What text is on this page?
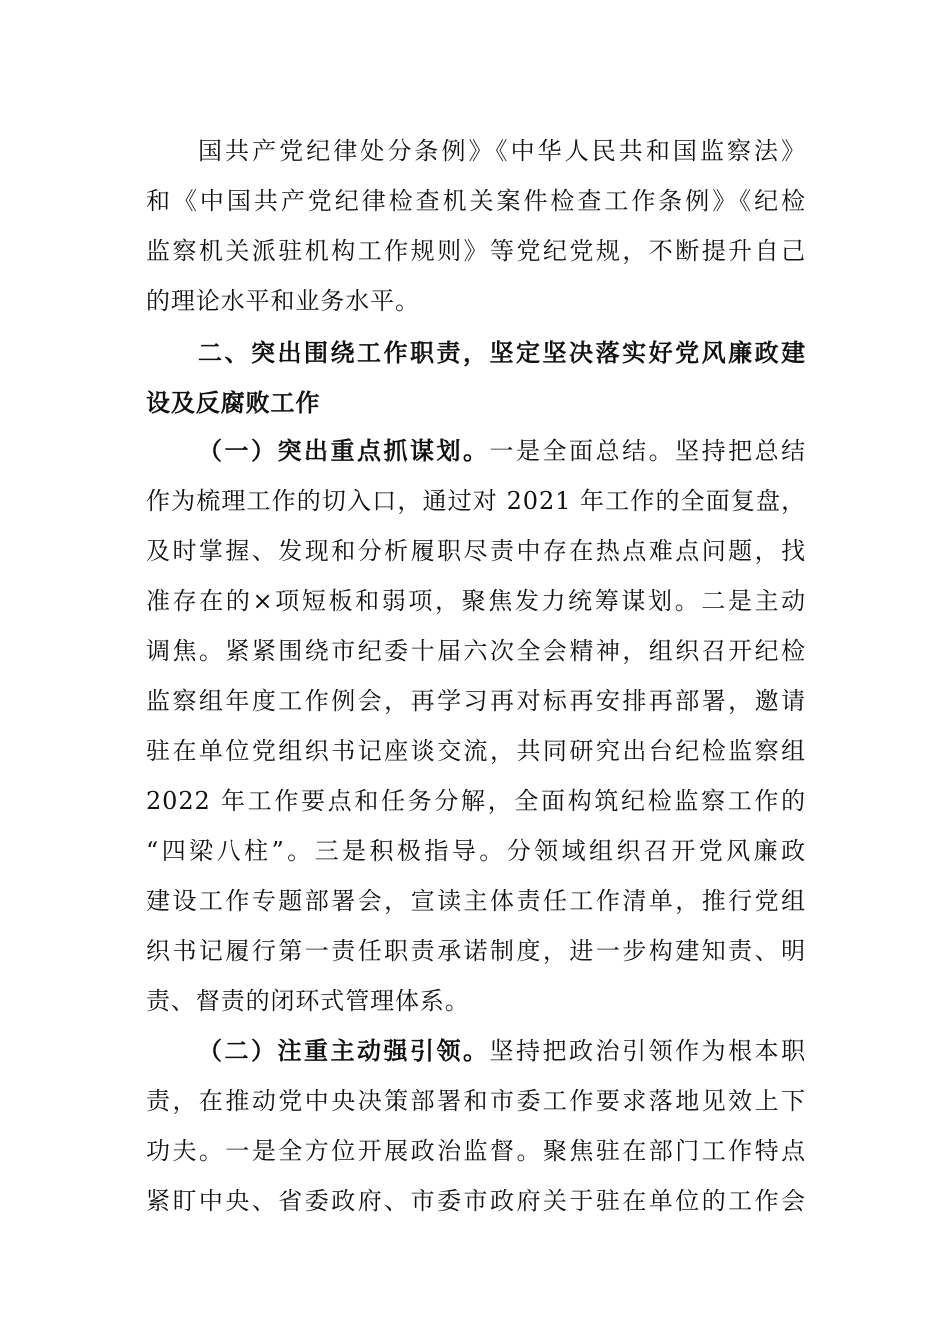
国共产党纪律处分条例》《中华人民共和国监察法》
和《中国共产党纪律检查机关案件检查工作条例》《纪检
监察机关派驻机构工作规则》等党纪党规，不断提升自己
的理论水平和业务水平。
二、突出围绕工作职责，坚定坚决落实好党风廉政建
设及反腐败工作
（一）突出重点抓谋划。一是全面总结。坚持把总结
作为梳理工作的切入口，通过对 2021 年工作的全面复盘，
及时掌握、发现和分析履职尽责中存在热点难点问题，找
准存在的×项短板和弱项，聚焦发力统筹谋划。二是主动
调焦。紧紧围绕市纪委十届六次全会精神，组织召开纪检
监察组年度工作例会，再学习再对标再安排再部署，邀请
驻在单位党组织书记座谈交流，共同研究出台纪检监察组
2022 年工作要点和任务分解，全面构筑纪检监察工作的
“四梁八柱”。三是积极指导。分领域组织召开党风廉政
建设工作专题部署会，宣读主体责任工作清单，推行党组
织书记履行第一责任职责承诺制度，进一步构建知责、明
责、督责的闭环式管理体系。
（二）注重主动强引领。坚持把政治引领作为根本职
责，在推动党中央决策部署和市委工作要求落地见效上下
功夫。一是全方位开展政治监督。聚焦驻在部门工作特点
紧盯中央、省委政府、市委市政府关于驻在单位的工作会
